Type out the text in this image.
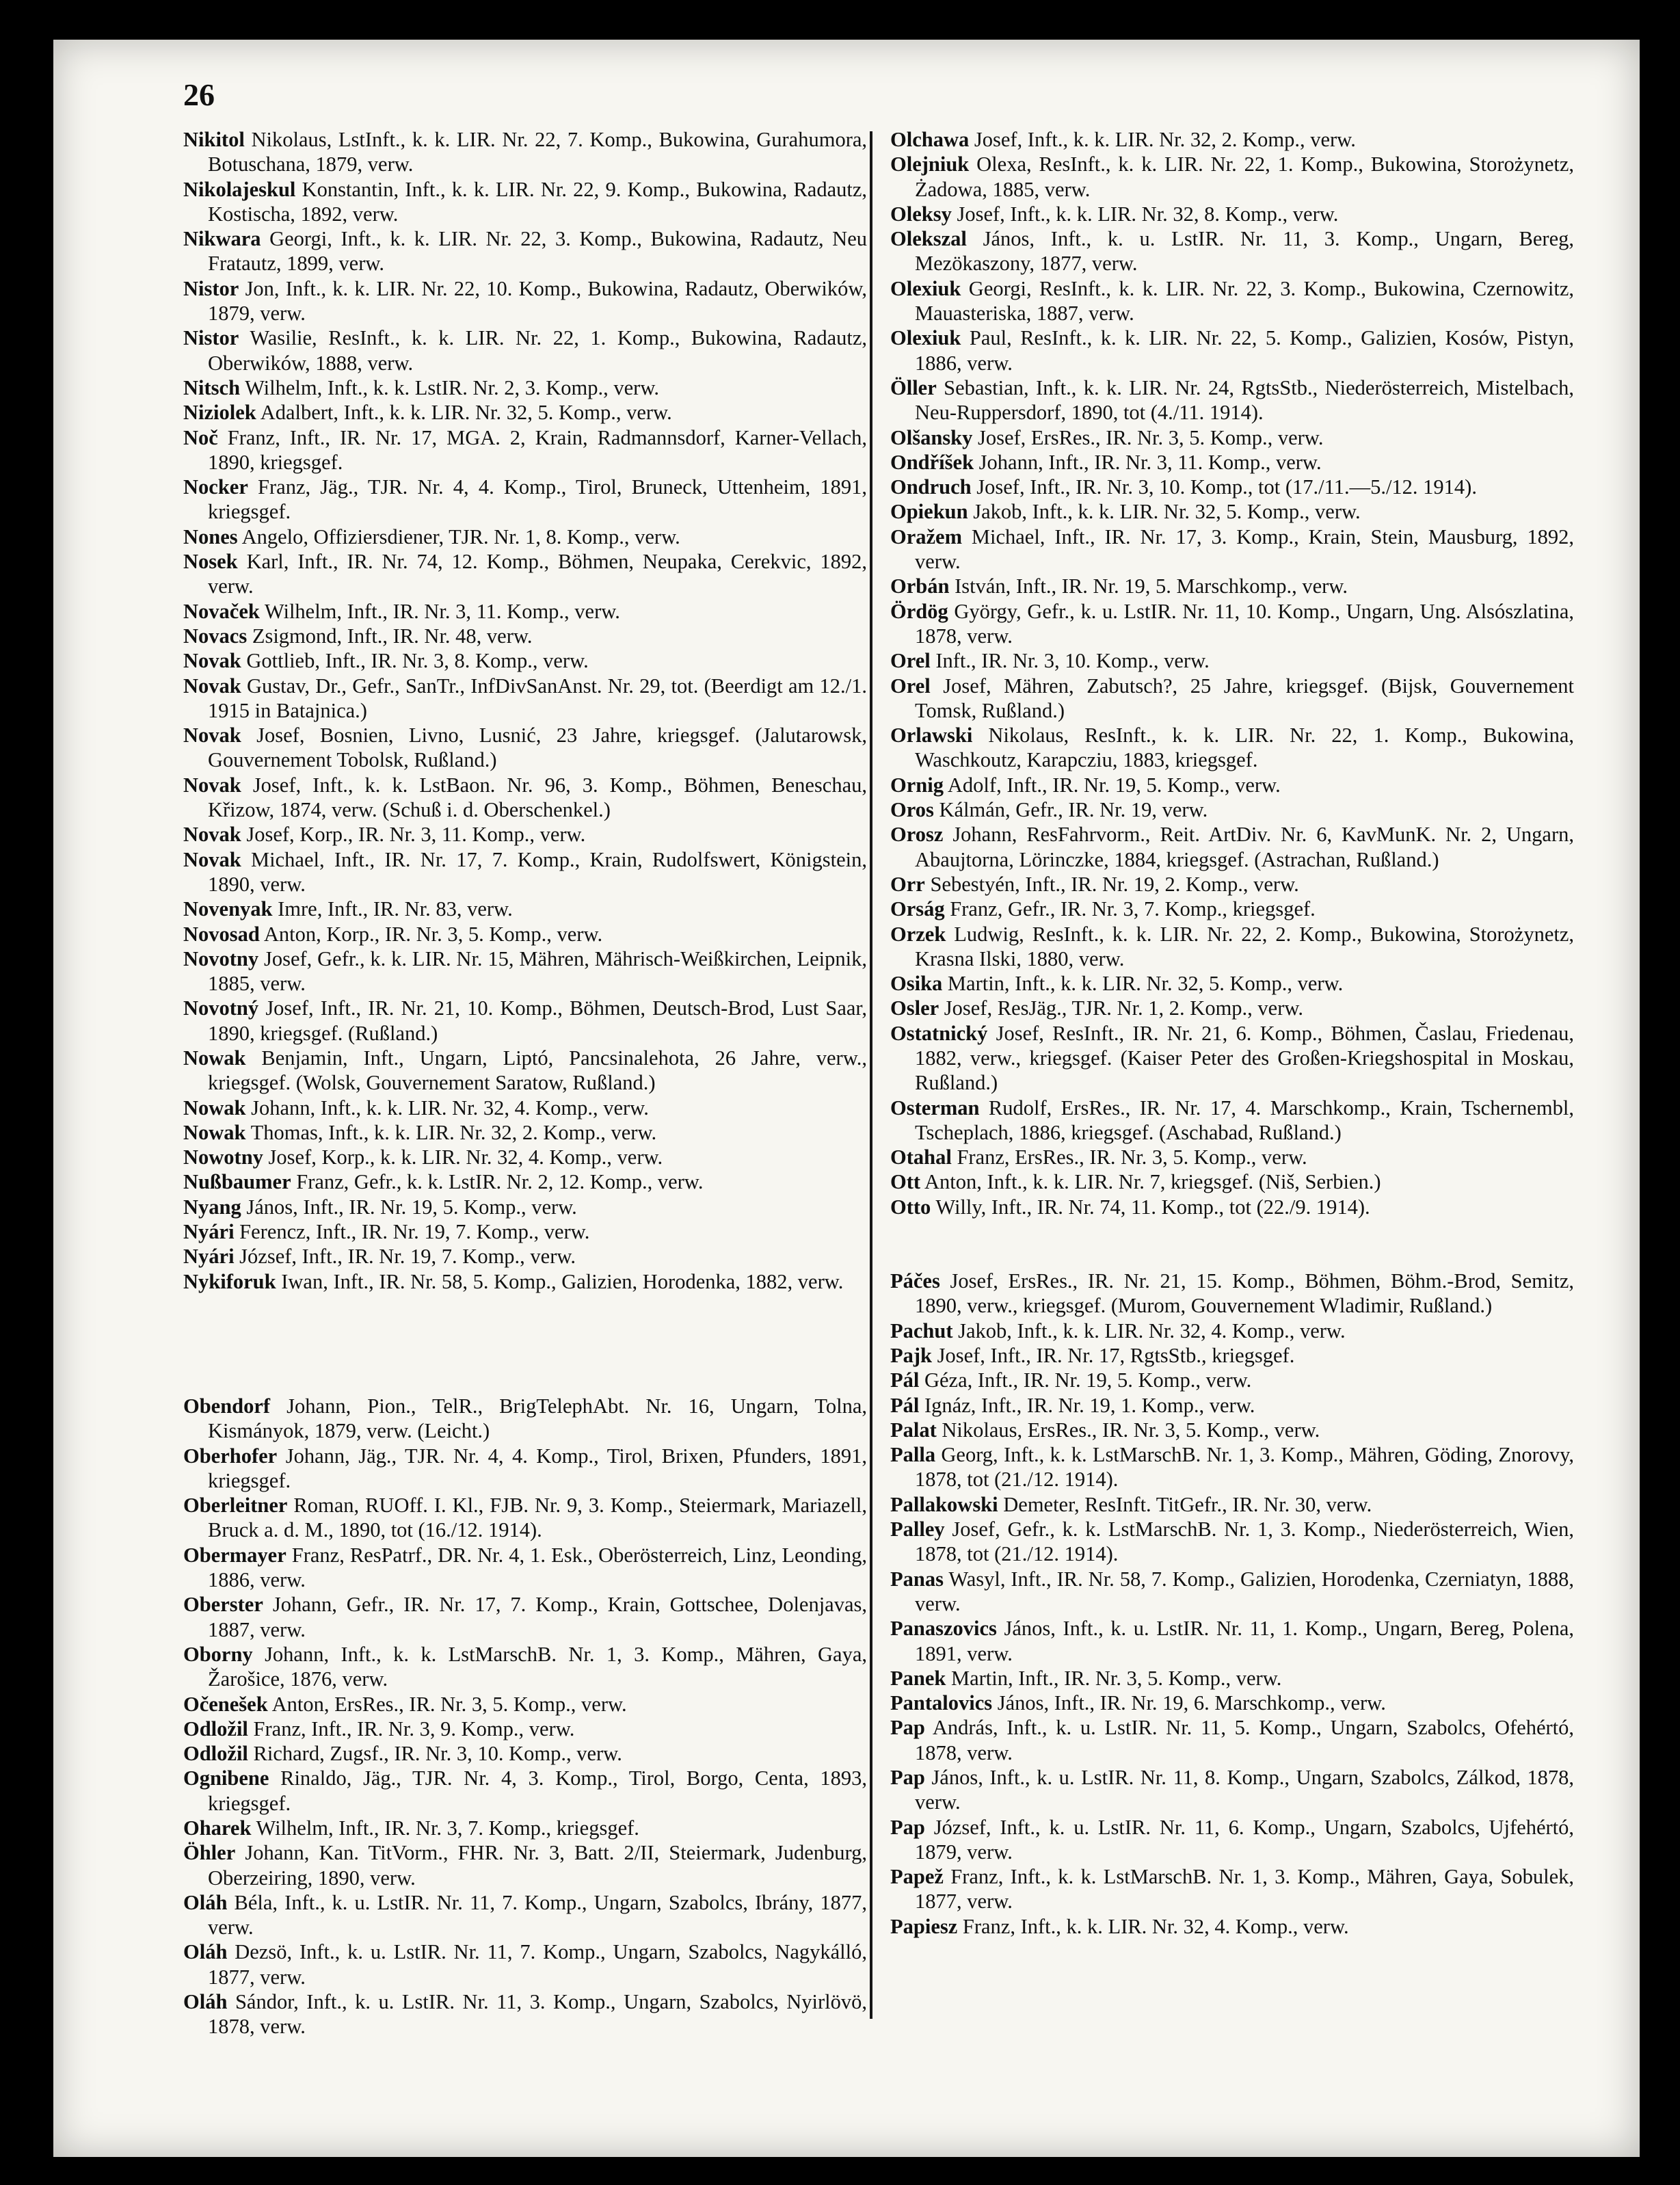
26

Nikitol Nikolaus, LstInft., k. k. LIR. Nr. 22, 7. Komp., Bukowina, Gurahumora, Botuschana, 1879, verw.

Nikolajeskul Konstantin, Inft., k. k. LIR. Nr. 22, 9. Komp., Bukowina, Radautz, Kostischa, 1892, verw.

Nikwara Georgi, Inft., k. k. LIR. Nr. 22, 3. Komp., Bukowina, Radautz, Neu Fratautz, 1899, verw.

Nistor Jon, Inft., k. k. LIR. Nr. 22, 10. Komp., Bukowina, Radautz, Oberwików, 1879, verw.

Nistor Wasilie, ResInft., k. k. LIR. Nr. 22, 1. Komp., Bukowina, Radautz, Oberwików, 1888, verw.

Nitsch Wilhelm, Inft., k. k. LstIR. Nr. 2, 3. Komp., verw.

Niziolek Adalbert, Inft., k. k. LIR. Nr. 32, 5. Komp., verw.

Noč Franz, Inft., IR. Nr. 17, MGA. 2, Krain, Radmannsdorf, Karner-Vellach, 1890, kriegsgef.

Nocker Franz, Jäg., TJR. Nr. 4, 4. Komp., Tirol, Bruneck, Uttenheim, 1891, kriegsgef.

Nones Angelo, Offiziersdiener, TJR. Nr. 1, 8. Komp., verw.

Nosek Karl, Inft., IR. Nr. 74, 12. Komp., Böhmen, Neupaka, Cerekvic, 1892, verw.

Novaček Wilhelm, Inft., IR. Nr. 3, 11. Komp., verw.

Novacs Zsigmond, Inft., IR. Nr. 48, verw.

Novak Gottlieb, Inft., IR. Nr. 3, 8. Komp., verw.

Novak Gustav, Dr., Gefr., SanTr., InfDivSanAnst. Nr. 29, tot. (Beerdigt am 12./1. 1915 in Batajnica.)

Novak Josef, Bosnien, Livno, Lusnić, 23 Jahre, kriegsgef. (Jalutarowsk, Gouvernement Tobolsk, Rußland.)

Novak Josef, Inft., k. k. LstBaon. Nr. 96, 3. Komp., Böhmen, Beneschau, Křizow, 1874, verw. (Schuß i. d. Oberschenkel.)

Novak Josef, Korp., IR. Nr. 3, 11. Komp., verw.

Novak Michael, Inft., IR. Nr. 17, 7. Komp., Krain, Rudolfswert, Königstein, 1890, verw.

Novenyak Imre, Inft., IR. Nr. 83, verw.

Novosad Anton, Korp., IR. Nr. 3, 5. Komp., verw.

Novotny Josef, Gefr., k. k. LIR. Nr. 15, Mähren, Mährisch-Weißkirchen, Leipnik, 1885, verw.

Novotný Josef, Inft., IR. Nr. 21, 10. Komp., Böhmen, Deutsch-Brod, Lust Saar, 1890, kriegsgef. (Rußland.)

Nowak Benjamin, Inft., Ungarn, Liptó, Pancsinalehota, 26 Jahre, verw., kriegsgef. (Wolsk, Gouvernement Saratow, Rußland.)

Nowak Johann, Inft., k. k. LIR. Nr. 32, 4. Komp., verw.

Nowak Thomas, Inft., k. k. LIR. Nr. 32, 2. Komp., verw.

Nowotny Josef, Korp., k. k. LIR. Nr. 32, 4. Komp., verw.

Nußbaumer Franz, Gefr., k. k. LstIR. Nr. 2, 12. Komp., verw.

Nyang János, Inft., IR. Nr. 19, 5. Komp., verw.

Nyári Ferencz, Inft., IR. Nr. 19, 7. Komp., verw.

Nyári József, Inft., IR. Nr. 19, 7. Komp., verw.

Nykiforuk Iwan, Inft., IR. Nr. 58, 5. Komp., Galizien, Horodenka, 1882, verw.

Obendorf Johann, Pion., TelR., BrigTelephAbt. Nr. 16, Ungarn, Tolna, Kismányok, 1879, verw. (Leicht.)

Oberhofer Johann, Jäg., TJR. Nr. 4, 4. Komp., Tirol, Brixen, Pfunders, 1891, kriegsgef.

Oberleitner Roman, RUOff. I. Kl., FJB. Nr. 9, 3. Komp., Steiermark, Mariazell, Bruck a. d. M., 1890, tot (16./12. 1914).

Obermayer Franz, ResPatrf., DR. Nr. 4, 1. Esk., Oberösterreich, Linz, Leonding, 1886, verw.

Oberster Johann, Gefr., IR. Nr. 17, 7. Komp., Krain, Gottschee, Dolenjavas, 1887, verw.

Oborny Johann, Inft., k. k. LstMarschB. Nr. 1, 3. Komp., Mähren, Gaya, Žarošice, 1876, verw.

Očenešek Anton, ErsRes., IR. Nr. 3, 5. Komp., verw.

Odložil Franz, Inft., IR. Nr. 3, 9. Komp., verw.

Odložil Richard, Zugsf., IR. Nr. 3, 10. Komp., verw.

Ognibene Rinaldo, Jäg., TJR. Nr. 4, 3. Komp., Tirol, Borgo, Centa, 1893, kriegsgef.

Oharek Wilhelm, Inft., IR. Nr. 3, 7. Komp., kriegsgef.

Öhler Johann, Kan. TitVorm., FHR. Nr. 3, Batt. 2/II, Steiermark, Judenburg, Oberzeiring, 1890, verw.

Oláh Béla, Inft., k. u. LstIR. Nr. 11, 7. Komp., Ungarn, Szabolcs, Ibrány, 1877, verw.

Oláh Dezsö, Inft., k. u. LstIR. Nr. 11, 7. Komp., Ungarn, Szabolcs, Nagykálló, 1877, verw.

Oláh Sándor, Inft., k. u. LstIR. Nr. 11, 3. Komp., Ungarn, Szabolcs, Nyirlövö, 1878, verw.

Olchawa Josef, Inft., k. k. LIR. Nr. 32, 2. Komp., verw.

Olejniuk Olexa, ResInft., k. k. LIR. Nr. 22, 1. Komp., Bukowina, Storożynetz, Żadowa, 1885, verw.

Oleksy Josef, Inft., k. k. LIR. Nr. 32, 8. Komp., verw.

Olekszal János, Inft., k. u. LstIR. Nr. 11, 3. Komp., Ungarn, Bereg, Mezökaszony, 1877, verw.

Olexiuk Georgi, ResInft., k. k. LIR. Nr. 22, 3. Komp., Bukowina, Czernowitz, Mauasteriska, 1887, verw.

Olexiuk Paul, ResInft., k. k. LIR. Nr. 22, 5. Komp., Galizien, Kosów, Pistyn, 1886, verw.

Öller Sebastian, Inft., k. k. LIR. Nr. 24, RgtsStb., Niederösterreich, Mistelbach, Neu-Ruppersdorf, 1890, tot (4./11. 1914).

Olšansky Josef, ErsRes., IR. Nr. 3, 5. Komp., verw.

Ondříšek Johann, Inft., IR. Nr. 3, 11. Komp., verw.

Ondruch Josef, Inft., IR. Nr. 3, 10. Komp., tot (17./11.—5./12. 1914).

Opiekun Jakob, Inft., k. k. LIR. Nr. 32, 5. Komp., verw.

Oražem Michael, Inft., IR. Nr. 17, 3. Komp., Krain, Stein, Mausburg, 1892, verw.

Orbán István, Inft., IR. Nr. 19, 5. Marschkomp., verw.

Ördög György, Gefr., k. u. LstIR. Nr. 11, 10. Komp., Ungarn, Ung. Alsószlatina, 1878, verw.

Orel Inft., IR. Nr. 3, 10. Komp., verw.

Orel Josef, Mähren, Zabutsch?, 25 Jahre, kriegsgef. (Bijsk, Gouvernement Tomsk, Rußland.)

Orlawski Nikolaus, ResInft., k. k. LIR. Nr. 22, 1. Komp., Bukowina, Waschkoutz, Karapcziu, 1883, kriegsgef.

Ornig Adolf, Inft., IR. Nr. 19, 5. Komp., verw.

Oros Kálmán, Gefr., IR. Nr. 19, verw.

Orosz Johann, ResFahrvorm., Reit. ArtDiv. Nr. 6, KavMunK. Nr. 2, Ungarn, Abaujtorna, Lörinczke, 1884, kriegsgef. (Astrachan, Rußland.)

Orr Sebestyén, Inft., IR. Nr. 19, 2. Komp., verw.

Orság Franz, Gefr., IR. Nr. 3, 7. Komp., kriegsgef.

Orzek Ludwig, ResInft., k. k. LIR. Nr. 22, 2. Komp., Bukowina, Storożynetz, Krasna Ilski, 1880, verw.

Osika Martin, Inft., k. k. LIR. Nr. 32, 5. Komp., verw.

Osler Josef, ResJäg., TJR. Nr. 1, 2. Komp., verw.

Ostatnický Josef, ResInft., IR. Nr. 21, 6. Komp., Böhmen, Časlau, Friedenau, 1882, verw., kriegsgef. (Kaiser Peter des Großen-Kriegshospital in Moskau, Rußland.)

Osterman Rudolf, ErsRes., IR. Nr. 17, 4. Marschkomp., Krain, Tschernembl, Tscheplach, 1886, kriegsgef. (Aschabad, Rußland.)

Otahal Franz, ErsRes., IR. Nr. 3, 5. Komp., verw.

Ott Anton, Inft., k. k. LIR. Nr. 7, kriegsgef. (Niš, Serbien.)

Otto Willy, Inft., IR. Nr. 74, 11. Komp., tot (22./9. 1914).

Páčes Josef, ErsRes., IR. Nr. 21, 15. Komp., Böhmen, Böhm.-Brod, Semitz, 1890, verw., kriegsgef. (Murom, Gouvernement Wladimir, Rußland.)

Pachut Jakob, Inft., k. k. LIR. Nr. 32, 4. Komp., verw.

Pajk Josef, Inft., IR. Nr. 17, RgtsStb., kriegsgef.

Pál Géza, Inft., IR. Nr. 19, 5. Komp., verw.

Pál Ignáz, Inft., IR. Nr. 19, 1. Komp., verw.

Palat Nikolaus, ErsRes., IR. Nr. 3, 5. Komp., verw.

Palla Georg, Inft., k. k. LstMarschB. Nr. 1, 3. Komp., Mähren, Göding, Znorovy, 1878, tot (21./12. 1914).

Pallakowski Demeter, ResInft. TitGefr., IR. Nr. 30, verw.

Palley Josef, Gefr., k. k. LstMarschB. Nr. 1, 3. Komp., Niederösterreich, Wien, 1878, tot (21./12. 1914).

Panas Wasyl, Inft., IR. Nr. 58, 7. Komp., Galizien, Horodenka, Czerniatyn, 1888, verw.

Panaszovics János, Inft., k. u. LstIR. Nr. 11, 1. Komp., Ungarn, Bereg, Polena, 1891, verw.

Panek Martin, Inft., IR. Nr. 3, 5. Komp., verw.

Pantalovics János, Inft., IR. Nr. 19, 6. Marschkomp., verw.

Pap András, Inft., k. u. LstIR. Nr. 11, 5. Komp., Ungarn, Szabolcs, Ofehértó, 1878, verw.

Pap János, Inft., k. u. LstIR. Nr. 11, 8. Komp., Ungarn, Szabolcs, Zálkod, 1878, verw.

Pap József, Inft., k. u. LstIR. Nr. 11, 6. Komp., Ungarn, Szabolcs, Ujfehértó, 1879, verw.

Papež Franz, Inft., k. k. LstMarschB. Nr. 1, 3. Komp., Mähren, Gaya, Sobulek, 1877, verw.

Papiesz Franz, Inft., k. k. LIR. Nr. 32, 4. Komp., verw.
